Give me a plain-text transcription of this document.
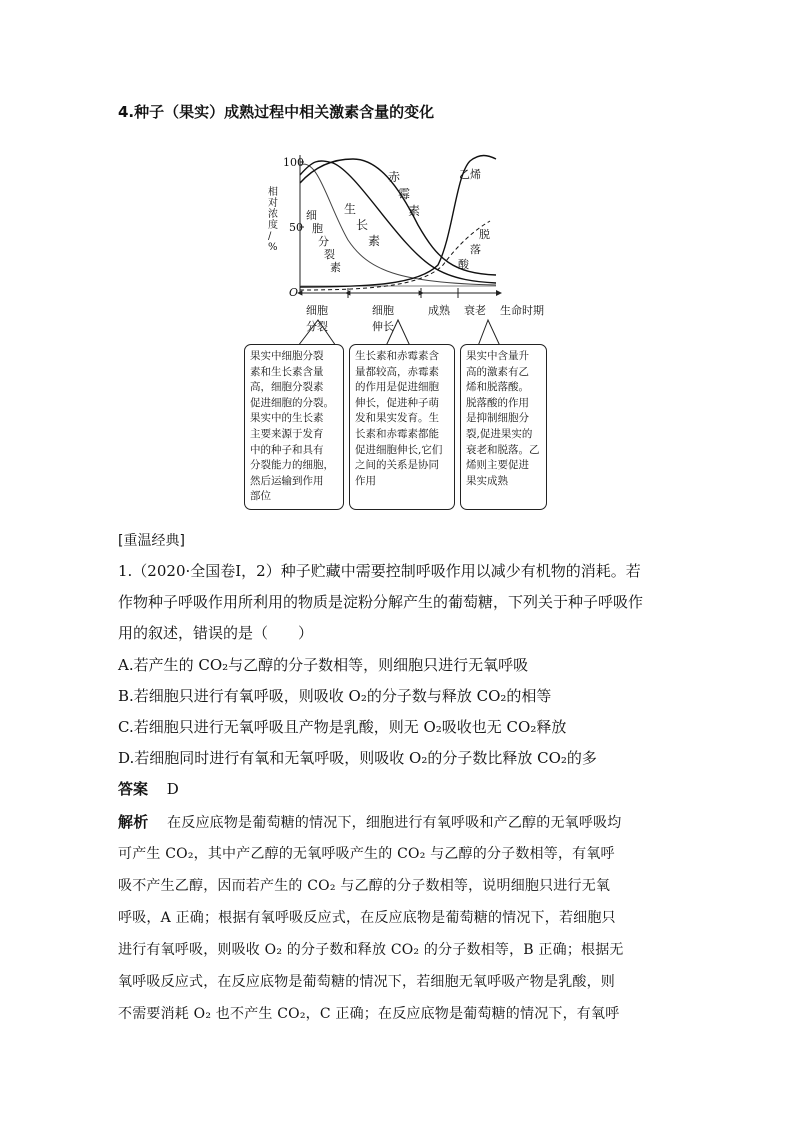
4.种子（果实）成熟过程中相关激素含量的变化
相对浓度/ %
100
50
O
细
胞
分
裂
素
生
长
素
赤
霉
素
乙烯
脱
落
酸
细胞
分裂
细胞
伸长
成熟 衰老 生命时期
果实中细胞分裂
素和生长素含量
高，细胞分裂素
促进细胞的分裂。
果实中的生长素
主要来源于发育
中的种子和具有
分裂能力的细胞，
然后运输到作用
部位
生长素和赤霉素含
量都较高，赤霉素
的作用是促进细胞
伸长，促进种子萌
发和果实发育。生
长素和赤霉素都能
促进细胞伸长,它们
之间的关系是协同
作用
果实中含量升
高的激素有乙
烯和脱落酸。
脱落酸的作用
是抑制细胞分
裂,促进果实的
衰老和脱落。乙
烯则主要促进
果实成熟
[重温经典]
1.（2020·全国卷Ⅰ，2）种子贮藏中需要控制呼吸作用以减少有机物的消耗。若
作物种子呼吸作用所利用的物质是淀粉分解产生的葡萄糖，下列关于种子呼吸作
用的叙述，错误的是（　　）
A.若产生的 CO₂与乙醇的分子数相等，则细胞只进行无氧呼吸
B.若细胞只进行有氧呼吸，则吸收 O₂的分子数与释放 CO₂的相等
C.若细胞只进行无氧呼吸且产物是乳酸，则无 O₂吸收也无 CO₂释放
D.若细胞同时进行有氧和无氧呼吸，则吸收 O₂的分子数比释放 CO₂的多
答案 D
解析 在反应底物是葡萄糖的情况下，细胞进行有氧呼吸和产乙醇的无氧呼吸均
可产生 CO₂，其中产乙醇的无氧呼吸产生的 CO₂ 与乙醇的分子数相等，有氧呼
吸不产生乙醇，因而若产生的 CO₂ 与乙醇的分子数相等，说明细胞只进行无氧
呼吸，A 正确；根据有氧呼吸反应式，在反应底物是葡萄糖的情况下，若细胞只
进行有氧呼吸，则吸收 O₂ 的分子数和释放 CO₂ 的分子数相等，B 正确；根据无
氧呼吸反应式，在反应底物是葡萄糖的情况下，若细胞无氧呼吸产物是乳酸，则
不需要消耗 O₂ 也不产生 CO₂，C 正确；在反应底物是葡萄糖的情况下，有氧呼
